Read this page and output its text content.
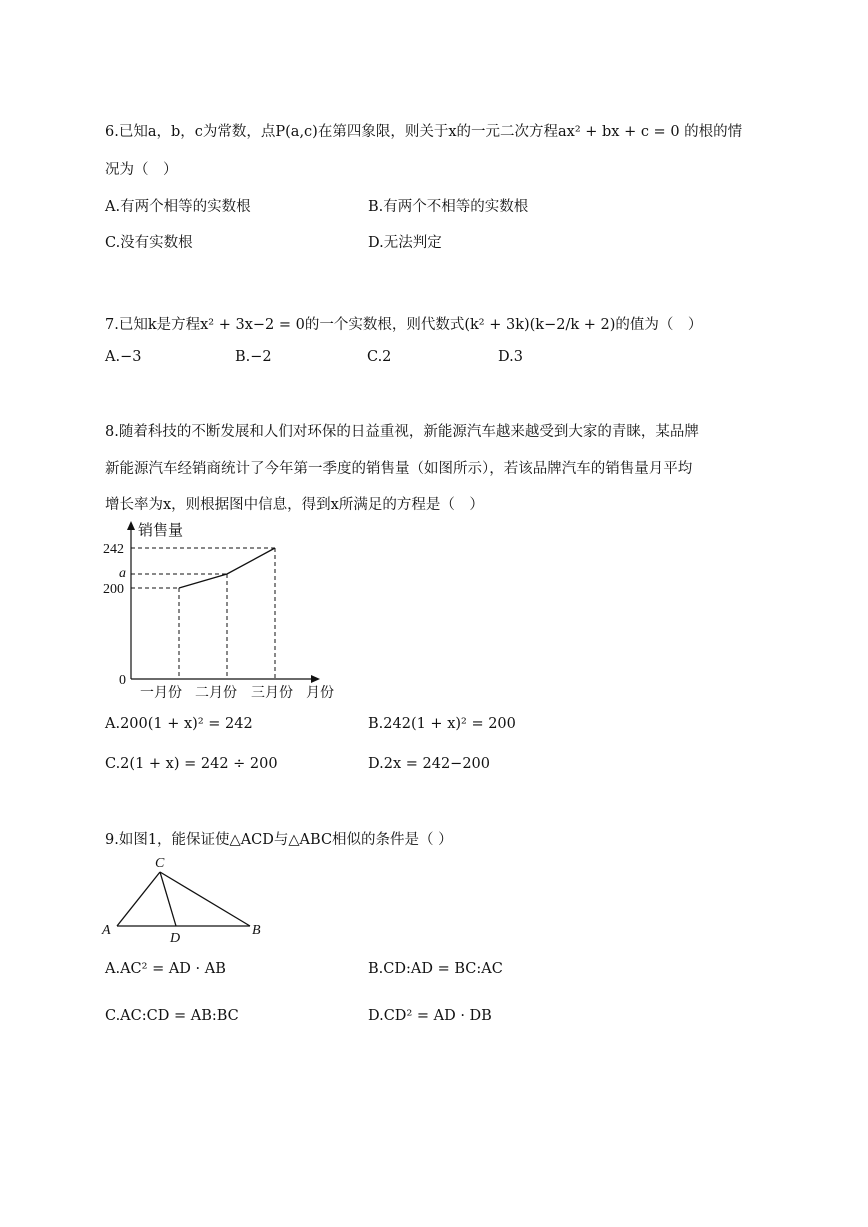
6.已知a，b，c为常数，点P(a,c)在第四象限，则关于x的一元二次方程ax² + bx + c = 0 的根的情
况为（　）
A.有两个相等的实数根	B.有两个不相等的实数根
C.没有实数根	D.无法判定
7.已知k是方程x² + 3x−2 = 0的一个实数根，则代数式(k² + 3k)(k−2/k + 2)的值为（　）
A.−3	B.−2	C.2	D.3
8.随着科技的不断发展和人们对环保的日益重视，新能源汽车越来越受到大家的青睐，某品牌
新能源汽车经销商统计了今年第一季度的销售量（如图所示），若该品牌汽车的销售量月平均
增长率为x，则根据图中信息，得到x所满足的方程是（　）
销售量
242
a
200
0
一月份 二月份 三月份 月份
A.200(1 + x)² = 242	B.242(1 + x)² = 200
C.2(1 + x) = 242 ÷ 200	D.2x = 242−200
9.如图1，能保证使△ACD与△ABC相似的条件是（ ）
C
A
D
B
A.AC² = AD · AB	B.CD:AD = BC:AC
C.AC:CD = AB:BC	D.CD² = AD · DB
